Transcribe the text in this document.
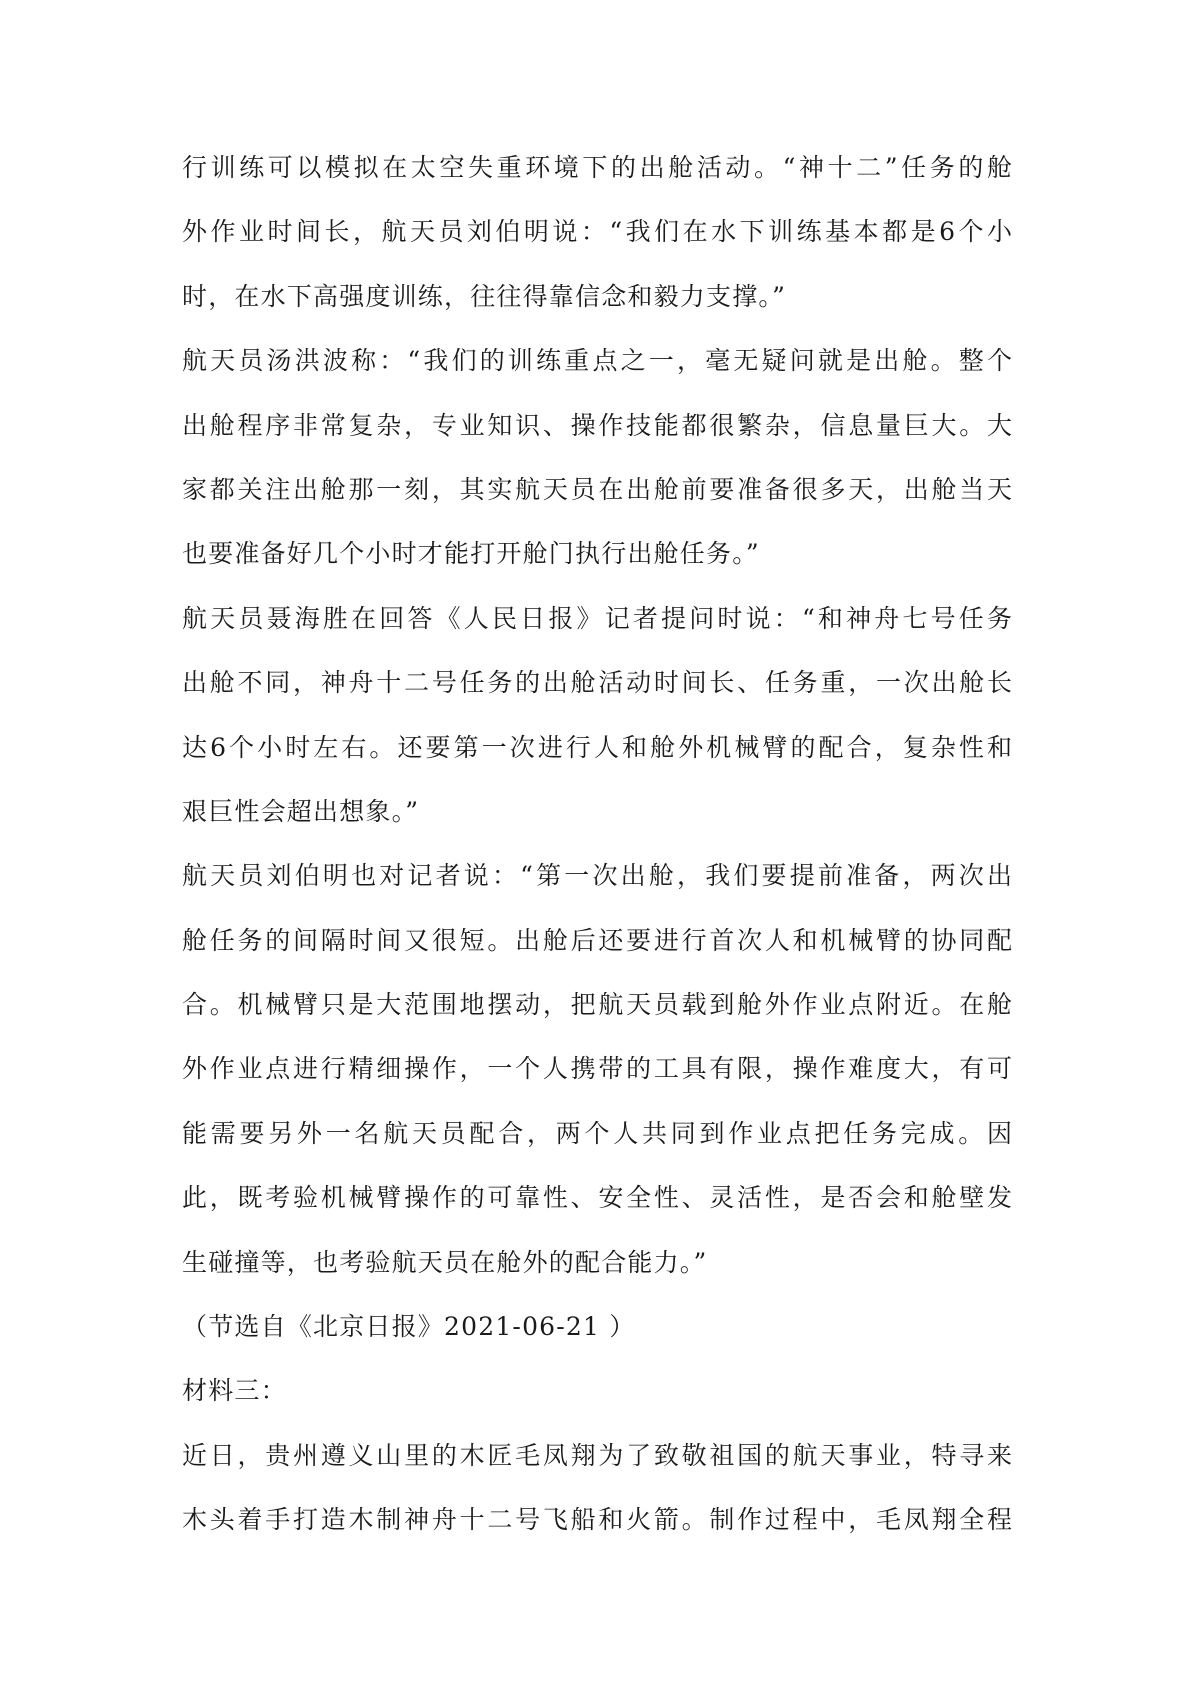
行训练可以模拟在太空失重环境下的出舱活动。“神十二”任务的舱

外作业时间长，航天员刘伯明说：“我们在水下训练基本都是6个小

时，在水下高强度训练，往往得靠信念和毅力支撑。”

航天员汤洪波称：“我们的训练重点之一，毫无疑问就是出舱。整个

出舱程序非常复杂，专业知识、操作技能都很繁杂，信息量巨大。大

家都关注出舱那一刻，其实航天员在出舱前要准备很多天，出舱当天

也要准备好几个小时才能打开舱门执行出舱任务。”

航天员聂海胜在回答《人民日报》记者提问时说：“和神舟七号任务

出舱不同，神舟十二号任务的出舱活动时间长、任务重，一次出舱长

达6个小时左右。还要第一次进行人和舱外机械臂的配合，复杂性和

艰巨性会超出想象。”

航天员刘伯明也对记者说：“第一次出舱，我们要提前准备，两次出

舱任务的间隔时间又很短。出舱后还要进行首次人和机械臂的协同配

合。机械臂只是大范围地摆动，把航天员载到舱外作业点附近。在舱

外作业点进行精细操作，一个人携带的工具有限，操作难度大，有可

能需要另外一名航天员配合，两个人共同到作业点把任务完成。因

此，既考验机械臂操作的可靠性、安全性、灵活性，是否会和舱壁发

生碰撞等，也考验航天员在舱外的配合能力。”

（节选自《北京日报》2021-06-21 ）

材料三：

近日，贵州遵义山里的木匠毛凤翔为了致敬祖国的航天事业，特寻来

木头着手打造木制神舟十二号飞船和火箭。制作过程中，毛凤翔全程
